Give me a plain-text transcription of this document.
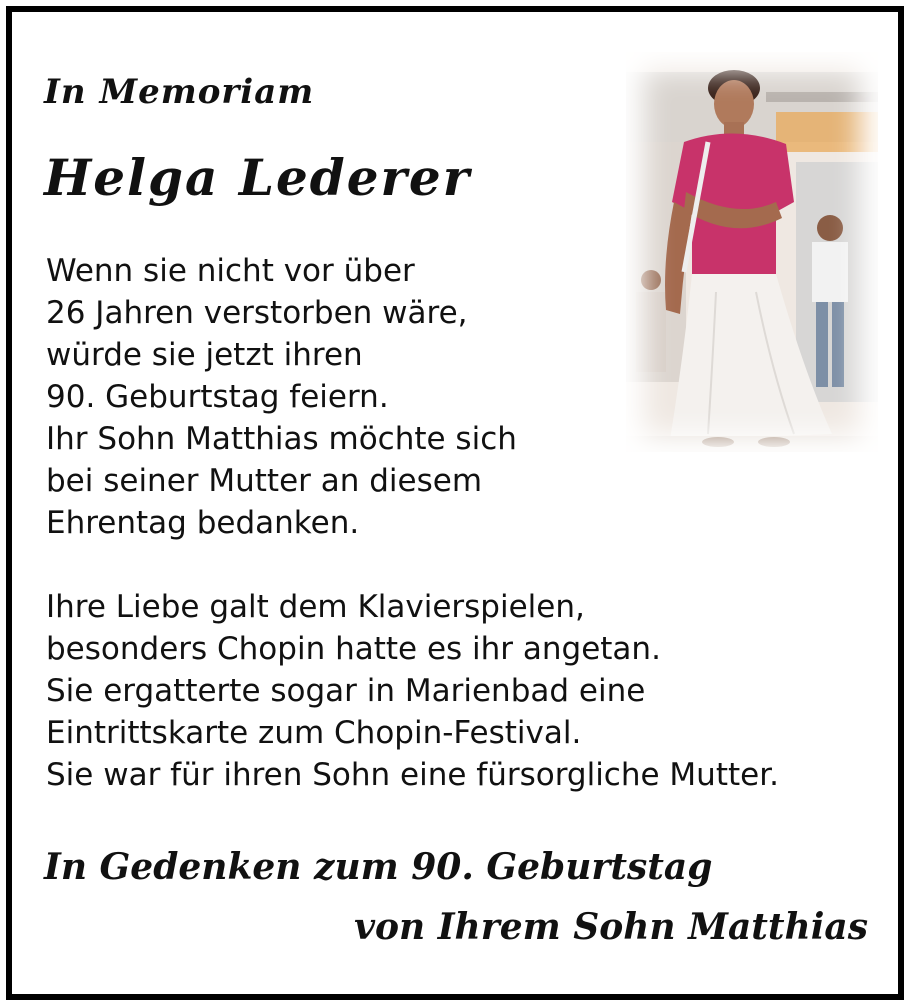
In Memoriam
Helga Lederer
Wenn sie nicht vor über
26 Jahren verstorben wäre,
würde sie jetzt ihren
90. Geburtstag feiern.
Ihr Sohn Matthias möchte sich
bei seiner Mutter an diesem
Ehrentag bedanken.
Ihre Liebe galt dem Klavierspielen,
besonders Chopin hatte es ihr angetan.
Sie ergatterte sogar in Marienbad eine
Eintrittskarte zum Chopin-Festival.
Sie war für ihren Sohn eine fürsorgliche Mutter.
In Gedenken zum 90. Geburtstag
von Ihrem Sohn Matthias
